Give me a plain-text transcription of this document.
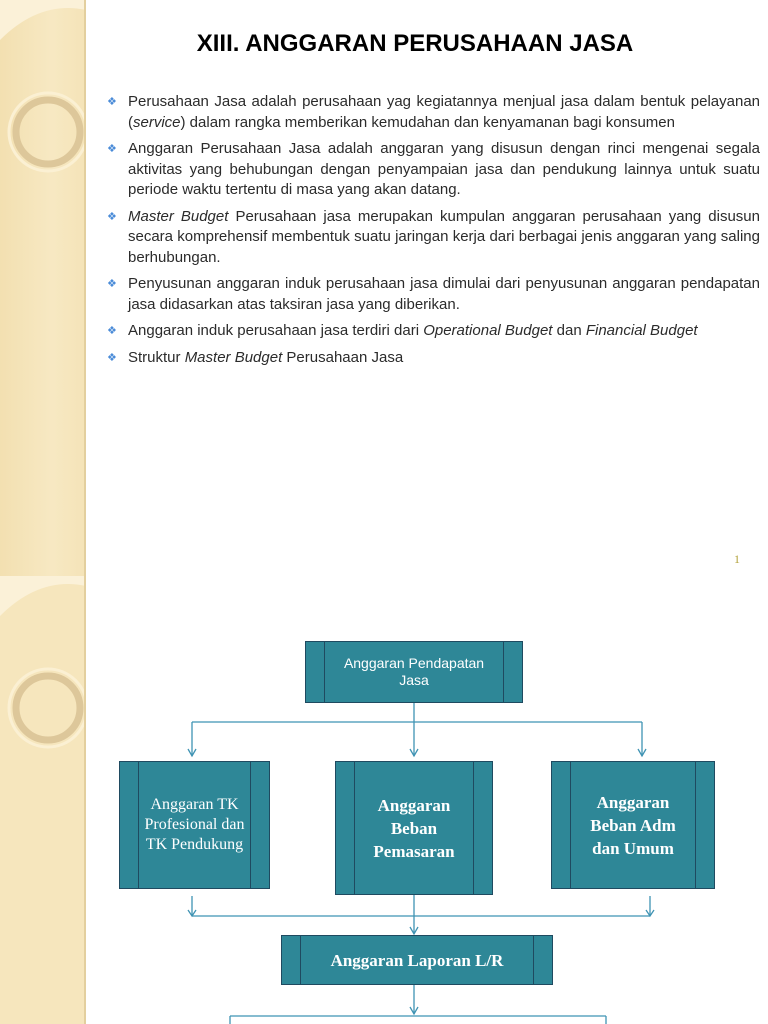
XIII. ANGGARAN PERUSAHAAN JASA
❖ Perusahaan Jasa adalah perusahaan yag kegiatannya menjual jasa dalam bentuk pelayanan (service) dalam rangka memberikan kemudahan dan kenyamanan bagi konsumen
❖ Anggaran Perusahaan Jasa adalah anggaran yang disusun dengan rinci mengenai segala aktivitas yang behubungan dengan penyampaian jasa dan pendukung lainnya untuk suatu periode waktu tertentu di masa yang akan datang.
❖ Master Budget Perusahaan jasa merupakan kumpulan anggaran perusahaan yang disusun secara komprehensif membentuk suatu jaringan kerja dari berbagai jenis anggaran yang saling berhubungan.
❖ Penyusunan anggaran induk perusahaan jasa dimulai dari penyusunan anggaran pendapatan jasa didasarkan atas taksiran jasa yang diberikan.
❖ Anggaran induk perusahaan jasa terdiri dari Operational Budget dan Financial Budget
❖ Struktur Master Budget Perusahaan Jasa
1
Anggaran Pendapatan Jasa
Anggaran TK Profesional dan TK Pendukung
Anggaran Beban Pemasaran
Anggaran Beban Adm dan Umum
Anggaran Laporan L/R
